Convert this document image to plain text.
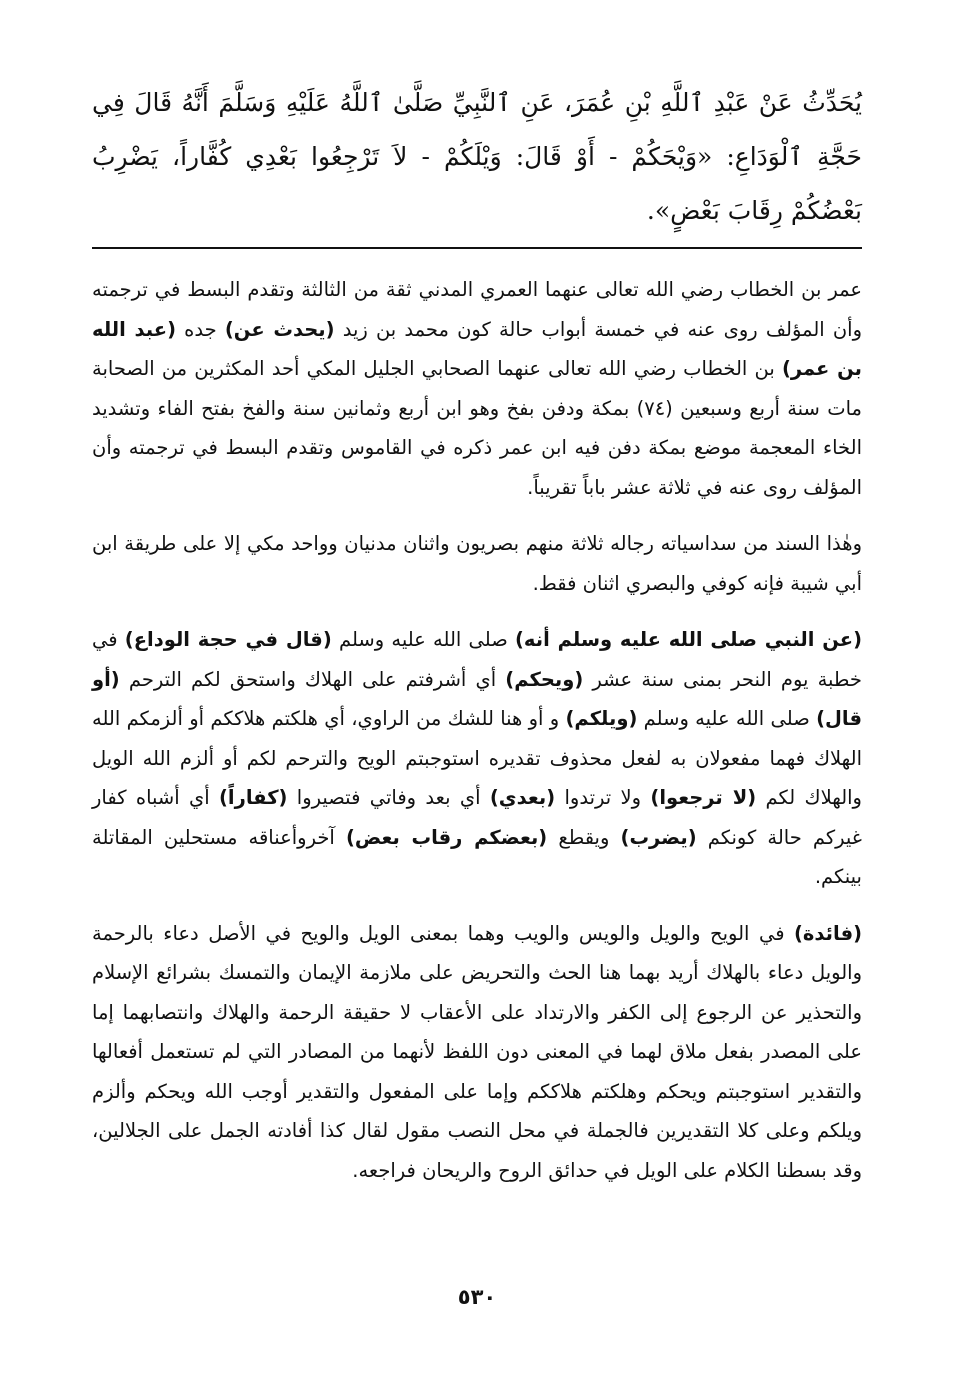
يُحَدِّثُ عَنْ عَبْدِ ٱللَّهِ بْنِ عُمَرَ، عَنِ ٱلنَّبِيِّ صَلَّىٰ ٱللَّهُ عَلَيْهِ وَسَلَّمَ أَنَّهُ قَالَ فِي حَجَّةِ ٱلْوَدَاعِ: «وَيْحَكُمْ - أَوْ قَالَ: وَيْلَكُمْ - لاَ تَرْجِعُوا بَعْدِي كُفَّاراً، يَضْرِبُ بَعْضُكُمْ رِقَابَ بَعْضٍ».

عمر بن الخطاب رضي الله تعالى عنهما العمري المدني ثقة من الثالثة وتقدم البسط في ترجمته وأن المؤلف روى عنه في خمسة أبواب حالة كون محمد بن زيد (يحدث عن) جده (عبد الله بن عمر) بن الخطاب رضي الله تعالى عنهما الصحابي الجليل المكي أحد المكثرين من الصحابة مات سنة أربع وسبعين (٧٤) بمكة ودفن بفخ وهو ابن أربع وثمانين سنة والفخ بفتح الفاء وتشديد الخاء المعجمة موضع بمكة دفن فيه ابن عمر ذكره في القاموس وتقدم البسط في ترجمته وأن المؤلف روى عنه في ثلاثة عشر باباً تقريباً.

وهٰذا السند من سداسياته رجاله ثلاثة منهم بصريون واثنان مدنيان وواحد مكي إلا على طريقة ابن أبي شيبة فإنه كوفي والبصري اثنان فقط.

(عن النبي صلى الله عليه وسلم أنه) صلى الله عليه وسلم (قال في حجة الوداع) في خطبة يوم النحر بمنى سنة عشر (ويحكم) أي أشرفتم على الهلاك واستحق لكم الترحم (أو قال) صلى الله عليه وسلم (ويلكم) و أو هنا للشك من الراوي، أي هلكتم هلاككم أو ألزمكم الله الهلاك فهما مفعولان به لفعل محذوف تقديره استوجبتم الويح والترحم لكم أو ألزم الله الويل والهلاك لكم (لا ترجعوا) ولا ترتدوا (بعدي) أي بعد وفاتي فتصيروا (كفاراً) أي أشباه كفار غيركم حالة كونكم (يضرب) ويقطع (بعضكم رقاب بعض) آخروأعناقه مستحلين المقاتلة بينكم.

(فائدة) في الويح والويل والويس والويب وهما بمعنى الويل والويح في الأصل دعاء بالرحمة والويل دعاء بالهلاك أريد بهما هنا الحث والتحريض على ملازمة الإيمان والتمسك بشرائع الإسلام والتحذير عن الرجوع إلى الكفر والارتداد على الأعقاب لا حقيقة الرحمة والهلاك وانتصابهما إما على المصدر بفعل ملاق لهما في المعنى دون اللفظ لأنهما من المصادر التي لم تستعمل أفعالها والتقدير استوجبتم ويحكم وهلكتم هلاككم وإما على المفعول والتقدير أوجب الله ويحكم وألزم ويلكم وعلى كلا التقديرين فالجملة في محل النصب مقول لقال كذا أفادته الجمل على الجلالين، وقد بسطنا الكلام على الويل في حدائق الروح والريحان فراجعه.

٥٣٠
